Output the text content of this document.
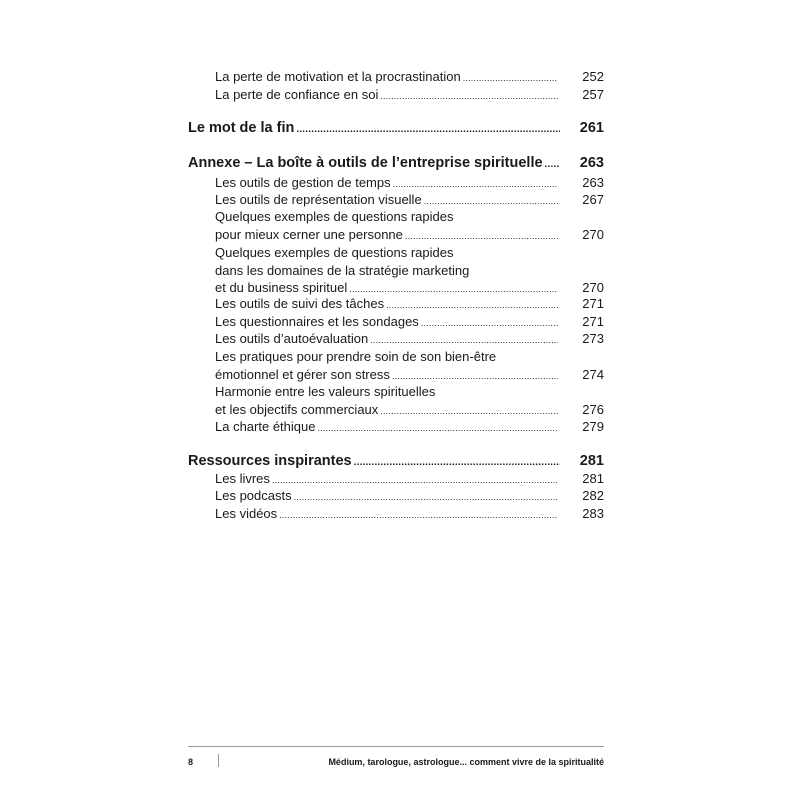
La perte de motivation et la procrastination .....	252
La perte de confiance en soi .....	257
Le mot de la fin .....	261
Annexe – La boîte à outils de l’entreprise spirituelle .....	263
Les outils de gestion de temps .....	263
Les outils de représentation visuelle .....	267
Quelques exemples de questions rapides
pour mieux cerner une personne .....	270
Quelques exemples de questions rapides
dans les domaines de la stratégie marketing
et du business spirituel .....	270
Les outils de suivi des tâches .....	271
Les questionnaires et les sondages .....	271
Les outils d’autoévaluation .....	273
Les pratiques pour prendre soin de son bien-être
émotionnel et gérer son stress .....	274
Harmonie entre les valeurs spirituelles
et les objectifs commerciaux .....	276
La charte éthique .....	279
Ressources inspirantes .....	281
Les livres .....	281
Les podcasts .....	282
Les vidéos .....	283
8	Médium, tarologue, astrologue... comment vivre de la spiritualité
